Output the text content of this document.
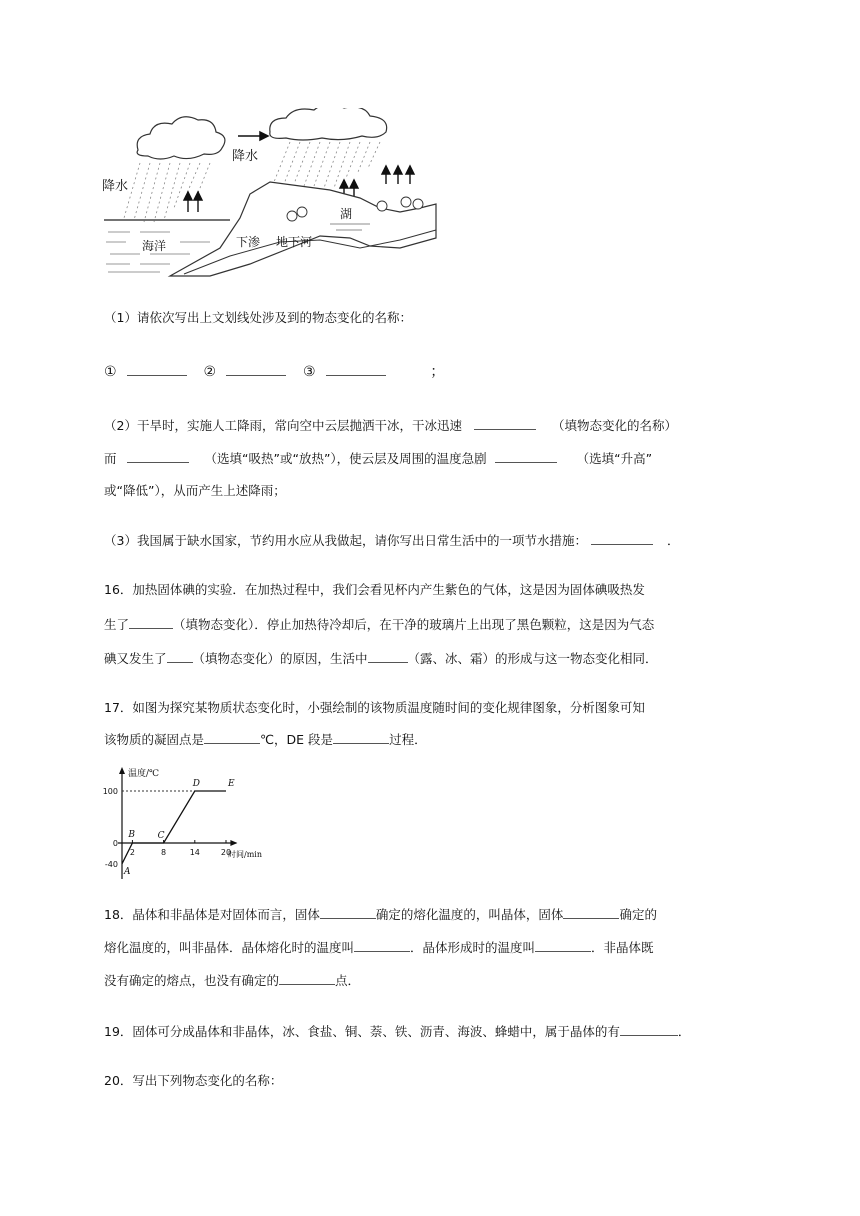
降水
降水
海洋	下渗 地下河
湖
（1）请依次写出上文划线处涉及到的物态变化的名称：
①	②	③	；
（2）干旱时，实施人工降雨，常向空中云层抛洒干冰，干冰迅速	（填物态变化的名称）
而	（选填“吸热”或“放热”），使云层及周围的温度急剧	（选填“升高”
或“降低”），从而产生上述降雨；
（3）我国属于缺水国家，节约用水应从我做起，请你写出日常生活中的一项节水措施：	．
16．加热固体碘的实验．在加热过程中，我们会看见杯内产生紫色的气体，这是因为固体碘吸热发
生了	（填物态变化）．停止加热待冷却后，在干净的玻璃片上出现了黑色颗粒，这是因为气态
碘又发生了 （填物态变化）的原因，生活中	（露、冰、霜）的形成与这一物态变化相同．
17．如图为探究某物质状态变化时，小强绘制的该物质温度随时间的变化规律图象，分析图象可知
该物质的凝固点是	℃，DE 段是	过程．
温度/℃
时间/min
100
0
-40
2	8	14	20
A
B	C
D	E
18．晶体和非晶体是对固体而言，固体	确定的熔化温度的，叫晶体，固体	确定的
熔化温度的，叫非晶体．晶体熔化时的温度叫	．晶体形成时的温度叫	．非晶体既
没有确定的熔点，也没有确定的	点．
19．固体可分成晶体和非晶体，冰、食盐、铜、萘、铁、沥青、海波、蜂蜡中，属于晶体的有	．
20．写出下列物态变化的名称：
